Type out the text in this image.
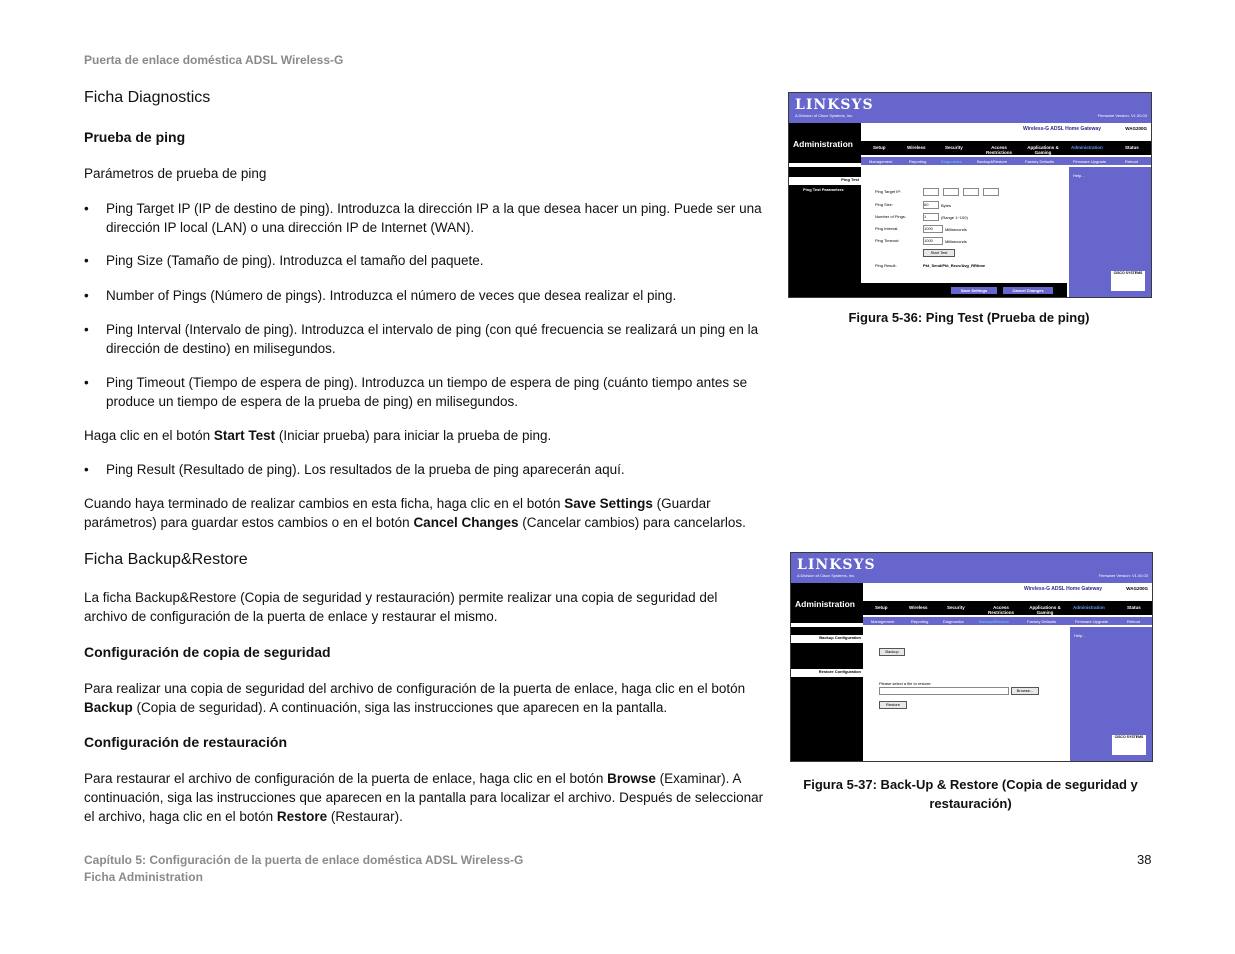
Puerta de enlace doméstica ADSL Wireless-G
Ficha Diagnostics
Prueba de ping
Parámetros de prueba de ping
• Ping Target IP (IP de destino de ping). Introduzca la dirección IP a la que desea hacer un ping. Puede ser una dirección IP local (LAN) o una dirección IP de Internet (WAN).
• Ping Size (Tamaño de ping). Introduzca el tamaño del paquete.
• Number of Pings (Número de pings). Introduzca el número de veces que desea realizar el ping.
• Ping Interval (Intervalo de ping). Introduzca el intervalo de ping (con qué frecuencia se realizará un ping en la dirección de destino) en milisegundos.
• Ping Timeout (Tiempo de espera de ping). Introduzca un tiempo de espera de ping (cuánto tiempo antes se produce un tiempo de espera de la prueba de ping) en milisegundos.
Haga clic en el botón Start Test (Iniciar prueba) para iniciar la prueba de ping.
• Ping Result (Resultado de ping). Los resultados de la prueba de ping aparecerán aquí.
Cuando haya terminado de realizar cambios en esta ficha, haga clic en el botón Save Settings (Guardar parámetros) para guardar estos cambios o en el botón Cancel Changes (Cancelar cambios) para cancelarlos.
Ficha Backup&Restore
La ficha Backup&Restore (Copia de seguridad y restauración) permite realizar una copia de seguridad del archivo de configuración de la puerta de enlace y restaurar el mismo.
Configuración de copia de seguridad
Para realizar una copia de seguridad del archivo de configuración de la puerta de enlace, haga clic en el botón Backup (Copia de seguridad). A continuación, siga las instrucciones que aparecen en la pantalla.
Configuración de restauración
Para restaurar el archivo de configuración de la puerta de enlace, haga clic en el botón Browse (Examinar). A continuación, siga las instrucciones que aparecen en la pantalla para localizar el archivo. Después de seleccionar el archivo, haga clic en el botón Restore (Restaurar).
LINKSYS
A Division of Cisco Systems, Inc.	Firmware Version: V1.00.03
Administration
Wireless-G ADSL Home Gateway	WAG200G
Setup	Wireless	Security	Access Restrictions
Applications & Gaming
Administration	Status
Management	Reporting	Diagnostics	Backup&Restore	Factory Defaults	Firmware Upgrade	Reboot
Ping Test
Ping Test Parameters	Ping Target IP:
Ping Size:	60	Bytes
Number of Pings:	1	(Range 1~100)
Ping Interval:	1000	Milliseconds
Ping Timeout:	1000	Milliseconds
Start Test
Ping Result:	Pkt_Send/Pkt_Recv/Avg_RRtime
Help...
CISCO SYSTEMS
Save Settings	Cancel Changes
Figura 5-36: Ping Test (Prueba de ping)
LINKSYS
A Division of Cisco Systems, Inc.	Firmware Version: V1.00.03
Administration
Wireless-G ADSL Home Gateway	WAG200G
Setup	Wireless	Security	Access Restrictions
Applications & Gaming
Administration	Status
Management	Reporting	Diagnostics	Backup&Restore	Factory Defaults	Firmware Upgrade	Reboot
Backup Configuration
Restore Configuration
Backup
Please select a file to restore:
Browse...
Restore
Help...
CISCO SYSTEMS
Figura 5-37: Back-Up & Restore (Copia de seguridad y restauración)
Capítulo 5: Configuración de la puerta de enlace doméstica ADSL Wireless-G
Ficha Administration
38
